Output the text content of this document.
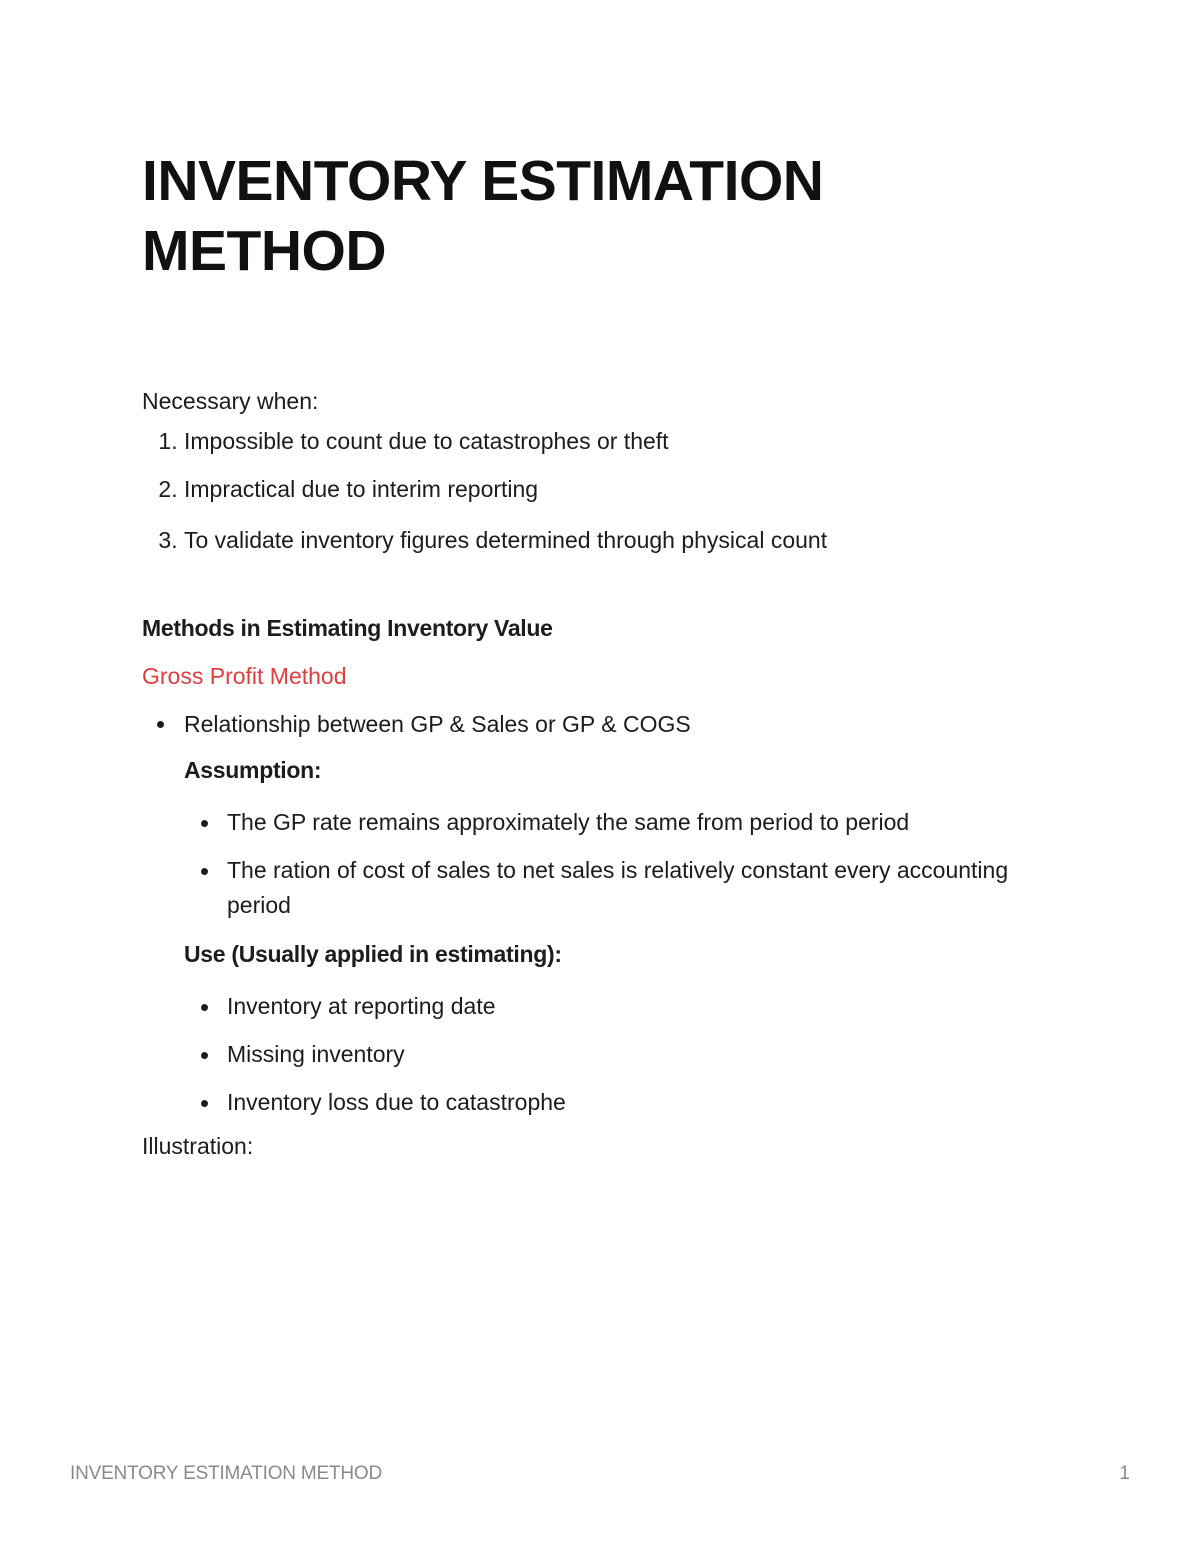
INVENTORY ESTIMATION METHOD

Necessary when:

1. Impossible to count due to catastrophes or theft
2. Impractical due to interim reporting
3. To validate inventory figures determined through physical count

Methods in Estimating Inventory Value

Gross Profit Method

Relationship between GP & Sales or GP & COGS

Assumption:

The GP rate remains approximately the same from period to period
The ration of cost of sales to net sales is relatively constant every accounting period

Use (Usually applied in estimating):

Inventory at reporting date
Missing inventory
Inventory loss due to catastrophe

Illustration:

INVENTORY ESTIMATION METHOD	1
